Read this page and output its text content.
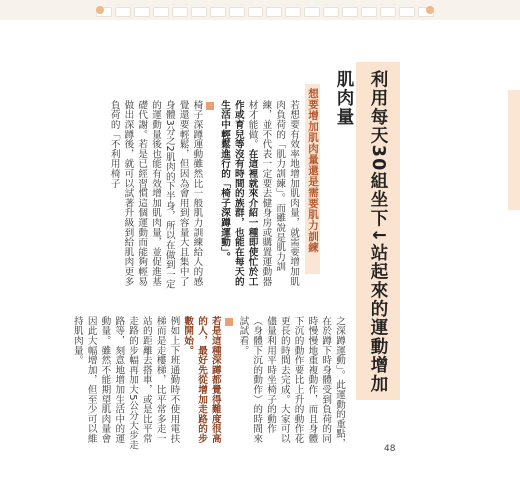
利用每天30組坐下↓站起來的運動增加肌肉量
想要增加肌肉量還是需要肌力訓練

若想要有效率地增加肌肉量，就需要增加肌肉負荷的「肌力訓練」。而雖說是肌力訓練，並不代表一定要去健身房或購置運動器材才能做。在這裡就來介紹一種即使忙於工作或育兒等沒有時間的族群，也能在每天的生活中輕鬆進行的「椅子深蹲運動」。

椅子深蹲運動雖然比一般肌力訓練給人的感覺還要輕鬆，但因為會用到容量大且集中了身體3分之2肌肉的下半身，所以在做到一定的運動量後也能有效增加肌肉量，並促進基礎代謝。若是已經習慣這個運動而能夠輕易做出深蹲後，就可以試著升級到給肌肉更多負荷的「不利用椅子

之深蹲運動」。此運動的重點，在於蹲下時身體受到負荷的同時慢慢地重複動作，而且身體下沉的動作要比上升的動作花更長的時間去完成。大家可以儘量利用平時坐椅子的動作（身體下沉的動作）的時間來試試看。

若是這種深蹲都覺得難度很高的人，最好先從增加走路的步數開始。

例如上下班通勤時不使用電扶梯而是走樓梯，比平常多走一站的距離去搭車，或是比平常走路的步幅再加大5公分大步走路等，刻意地增加生活中的運動量。雖然不能期望肌肉量會因此大幅增加，但至少可以維持肌肉量。

48
